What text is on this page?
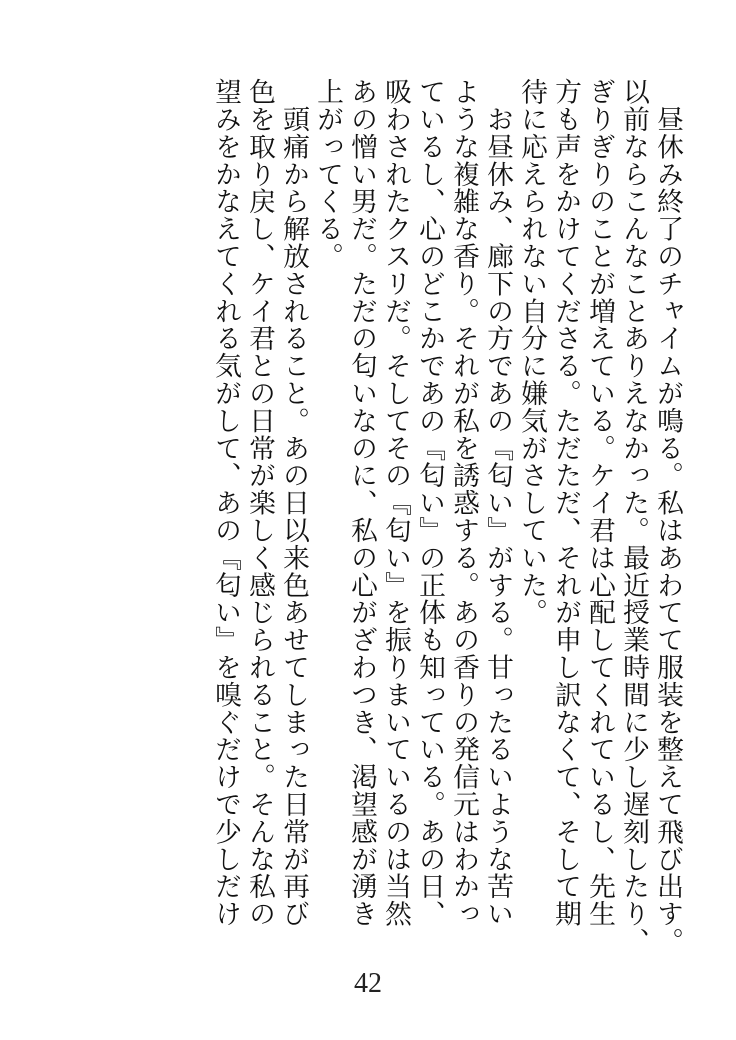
　昼休み終了のチャイムが鳴る。私はあわてて服装を整えて飛び出す。
以前ならこんなことありえなかった。最近授業時間に少し遅刻したり、
ぎりぎりのことが増えている。ケイ君は心配してくれているし、先生
方も声をかけてくださる。ただただ、それが申し訳なくて、そして期
待に応えられない自分に嫌気がさしていた。
　お昼休み、廊下の方であの『匂い』がする。甘ったるいような苦い
ような複雑な香り。それが私を誘惑する。あの香りの発信元はわかっ
ているし、心のどこかであの『匂い』の正体も知っている。あの日、
吸わされたクスリだ。そしてその『匂い』を振りまいているのは当然
あの憎い男だ。ただの匂いなのに、私の心がざわつき、渇望感が湧き
上がってくる。
　頭痛から解放されること。あの日以来色あせてしまった日常が再び
色を取り戻し、ケイ君との日常が楽しく感じられること。そんな私の
望みをかなえてくれる気がして、あの『匂い』を嗅ぐだけで少しだけ
42
